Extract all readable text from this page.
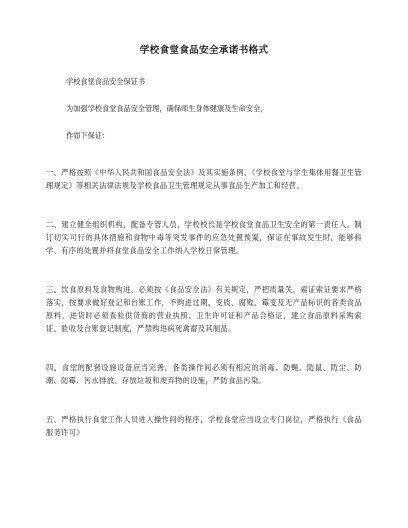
学校食堂食品安全承诺书格式
学校食堂食品安全保证书
为加强学校食堂食品安全管理，确保师生身体健康及生命安全，
作如下保证：

一、严格按照《中华人民共和国食品安全法》及其实施条例、《学校食堂与学生集体用餐卫生管理规定》等相关法律法规及学校食品卫生管理规定从事食品生产加工和经营。

二、建立健全组织机构，配备专管人员，学校校长是学校食堂食品卫生安全的第一责任人。制订切实可行的具体措施和食物中毒等突发事件的应急处置预案，保证在事故发生时，能够科学、有序的处置并将食堂食品安全工作纳入学校日常管理。

三、饮食原料及食物购进，必须按《食品安全法》有关规定，严把质量关，索证索证要求严格落实，按要求做好登记和台账工作，不购进过期、变质、腐败、霉变及无产品标识的各类食品原料，进货时必须查验供货商的营业执照、卫生许可证和产品合格证，建立食品原料采购索证、验收及台账登记制度，严禁购进病死禽畜及其制品。

四、食堂的配套设施设备应当完善，各类操作间必须有相应的消毒、防蝇、防鼠、防尘、防潮、防霉、污水排放、存放垃圾和废弃物的设施，严防食品污染。

五、严格执行食堂工作人员进入操作间的程序，学校食堂应当设立专门岗位，严格执行《食品服务许可》
